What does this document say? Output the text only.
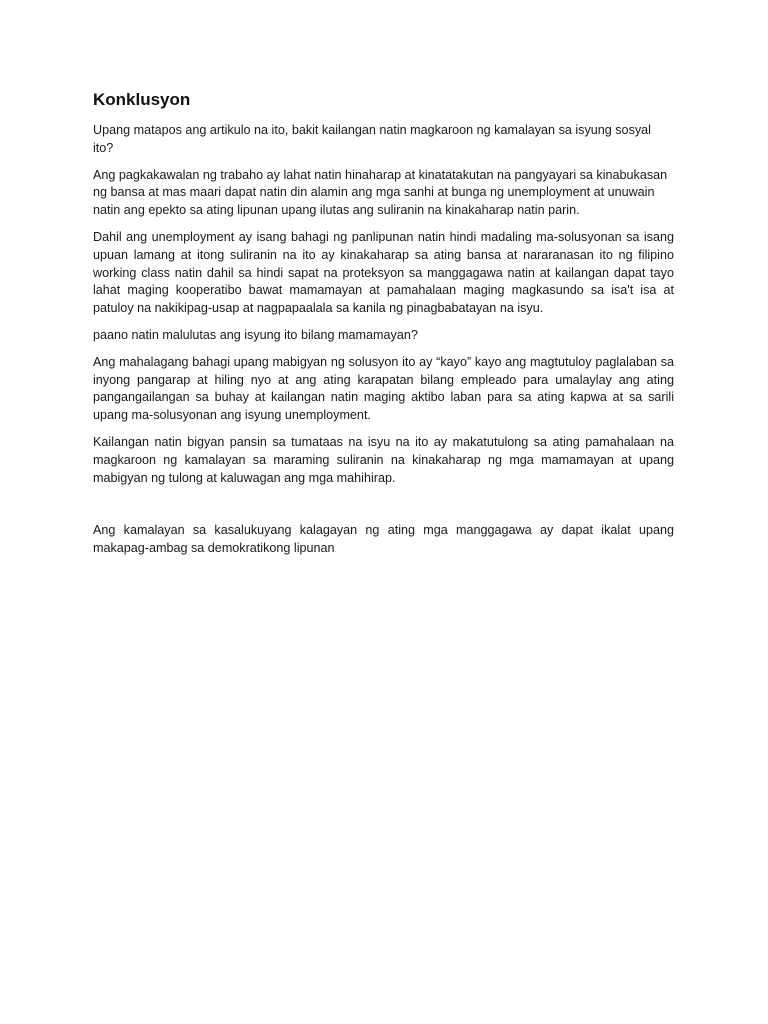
Konklusyon

Upang matapos ang artikulo na ito, bakit kailangan natin magkaroon ng kamalayan sa isyung sosyal ito?

Ang pagkakawalan ng trabaho ay lahat natin hinaharap at kinatatakutan na pangyayari sa kinabukasan ng bansa at mas maari dapat natin din alamin ang mga sanhi at bunga ng unemployment at unuwain natin ang epekto sa ating lipunan upang ilutas ang suliranin na kinakaharap natin parin.

Dahil ang unemployment ay isang bahagi ng panlipunan natin hindi madaling ma-solusyonan sa isang upuan lamang at itong suliranin na ito ay kinakaharap sa ating bansa at nararanasan ito ng filipino working class natin dahil sa hindi sapat na proteksyon sa manggagawa natin at kailangan dapat tayo lahat maging kooperatibo bawat mamamayan at pamahalaan maging magkasundo sa isa't isa at patuloy na nakikipag-usap at nagpapaalala sa kanila ng pinagbabatayan na isyu.

paano natin malulutas ang isyung ito bilang mamamayan?

Ang mahalagang bahagi upang mabigyan ng solusyon ito ay “kayo” kayo ang magtutuloy paglalaban sa inyong pangarap at hiling nyo at ang ating karapatan bilang empleado para umalaylay ang ating pangangailangan sa buhay at kailangan natin maging aktibo laban para sa ating kapwa at sa sarili upang ma-solusyonan ang isyung unemployment.

Kailangan natin bigyan pansin sa tumataas na isyu na ito ay makatutulong sa ating pamahalaan na magkaroon ng kamalayan sa maraming suliranin na kinakaharap ng mga mamamayan at upang mabigyan ng tulong at kaluwagan ang mga mahihirap.

Ang kamalayan sa kasalukuyang kalagayan ng ating mga manggagawa ay dapat ikalat upang makapag-ambag sa demokratikong lipunan
